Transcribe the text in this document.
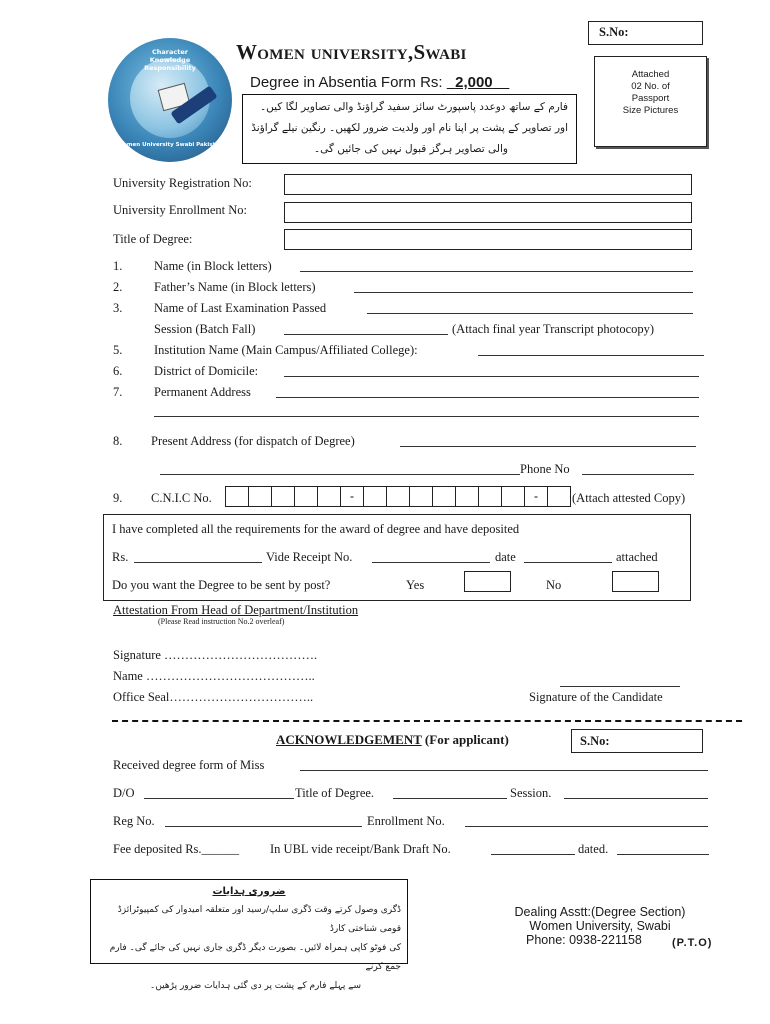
S.No:
Character Knowledge Responsibility
Women University Swabi Pakistan
Women university,Swabi
Degree in Absentia Form Rs: 2,000	Attached
02 No. of
Passport
Size Pictures
فارم کے ساتھ دوعدد پاسپورٹ سائز سفید گراؤنڈ والی تصاویر لگا کیں۔
اور تصاویر کے پشت پر اپنا نام اور ولدیت ضرور لکھیں۔ رنگین نیلے گراؤنڈ
والی تصاویر ہرگز قبول نہیں کی جائیں گی۔
University Registration No:
University Enrollment No:
Title of Degree:
1.	Name (in Block letters)
2.	Father’s Name (in Block letters)
3.	Name of Last Examination Passed
Session (Batch Fall)	(Attach final year Transcript photocopy)
5.	Institution Name (Main Campus/Affiliated College):
6.	District of Domicile:
7.	Permanent Address
8. Present Address (for dispatch of Degree)
Phone No
9. C.N.I.C No.	-	-	(Attach attested Copy)
I have completed all the requirements for the award of degree and have deposited
Rs.	Vide Receipt No.	date	attached
Do you want the Degree to be sent by post?	Yes	No
Attestation From Head of Department/Institution
(Please Read instruction No.2 overleaf)
Signature ……………………………….
Name …………………………………..
Office Seal……………………………..	Signature of the Candidate
ACKNOWLEDGEMENT (For applicant)	S.No:
Received degree form of Miss
D/O	Title of Degree.	Session.
Reg No.	Enrollment No.
Fee deposited Rs.______ In UBL vide receipt/Bank Draft No.	dated.
ضروری ہدایات
ڈگری وصول کرتے وقت ڈگری سلپ/رسید اور متعلقہ امیدوار کی کمپیوٹرائزڈ قومی شناختی کارڈ
کی فوٹو کاپی ہمراہ لائیں۔ بصورت دیگر ڈگری جاری نہیں کی جائے گی۔ فارم جمع کرنے
سے پہلے فارم کے پشت پر دی گئی ہدایات ضرور پڑھیں۔
Dealing Asstt:(Degree Section)
Women University, Swabi
Phone: 0938-221158	(P.T.O)
